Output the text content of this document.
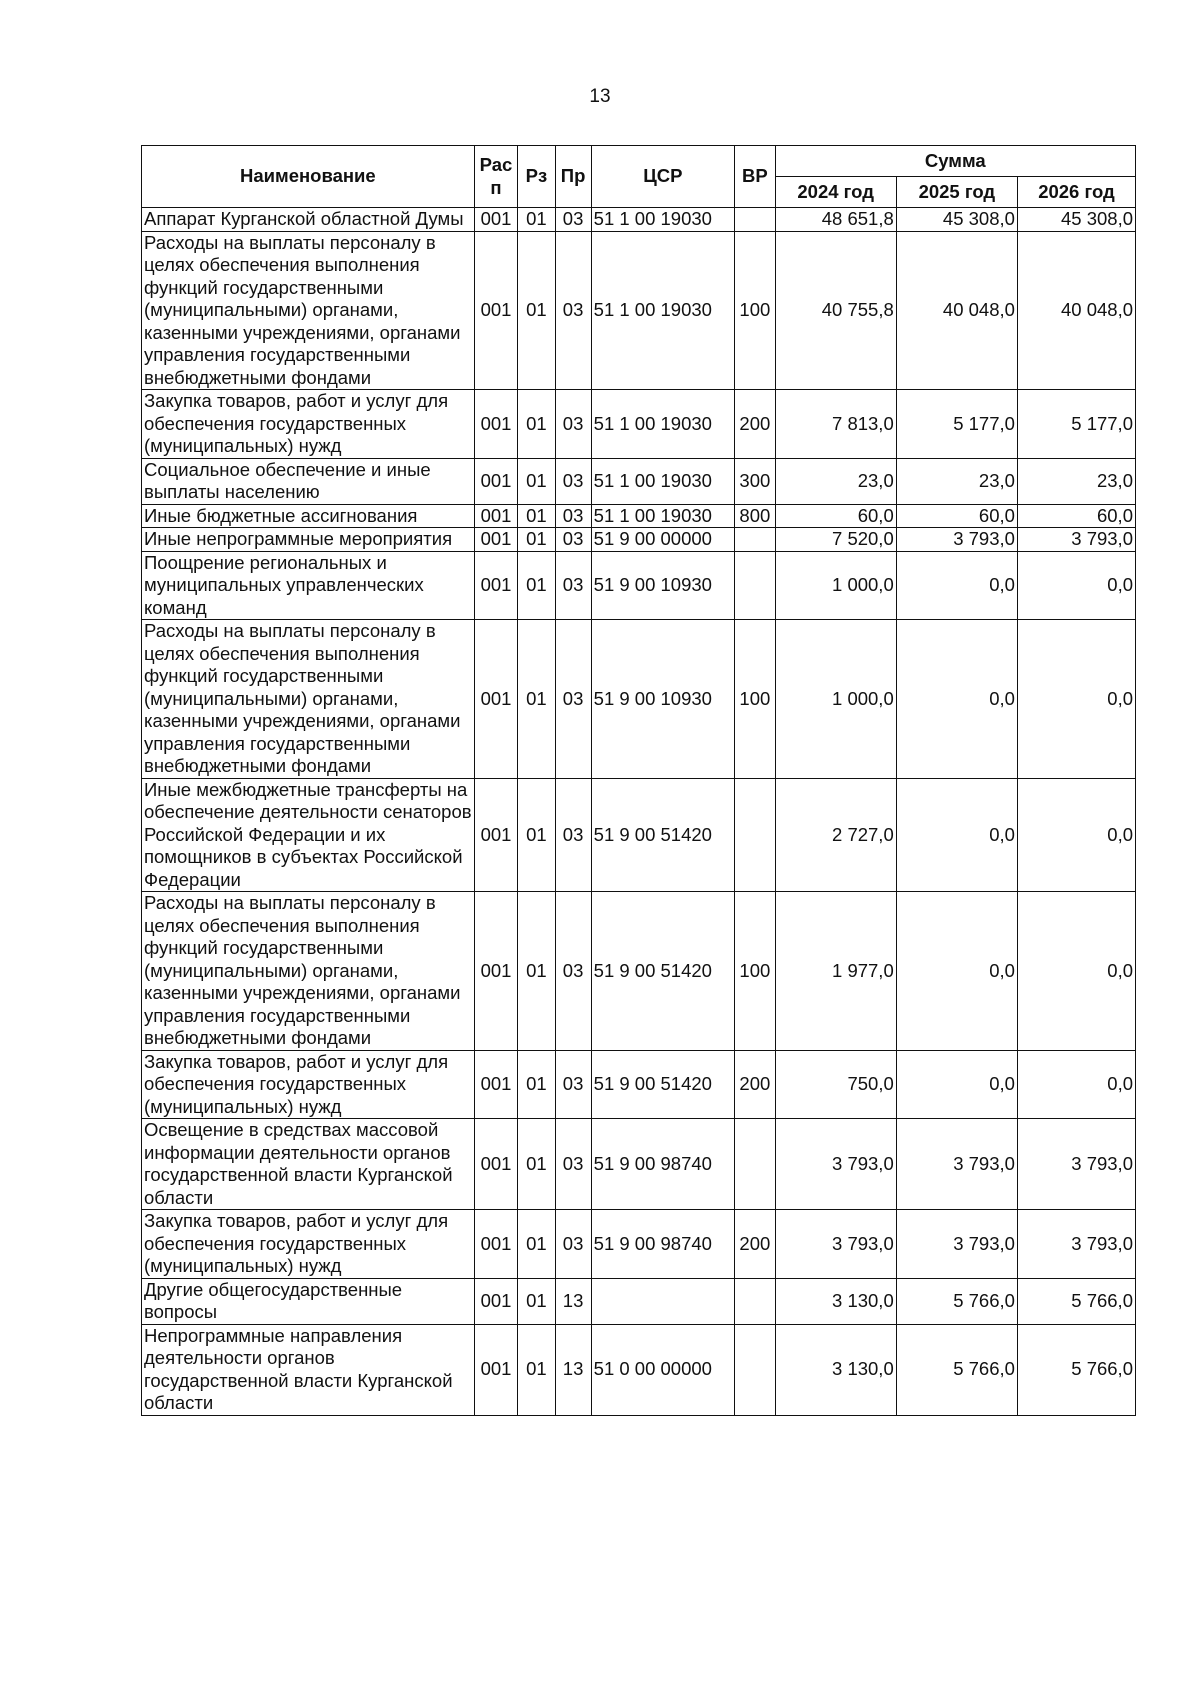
13
Наименование	Рас п	Рз	Пр	ЦСР	ВР	Сумма		
						2024 год	2025 год	2026 год
Аппарат Курганской областной Думы	001	01	03	51 1 00 19030		48 651,8	45 308,0	45 308,0
Расходы на выплаты персоналу в целях обеспечения выполнения функций государственными (муниципальными) органами, казенными учреждениями, органами управления государственными внебюджетными фондами	001	01	03	51 1 00 19030	100	40 755,8	40 048,0	40 048,0
Закупка товаров, работ и услуг для обеспечения государственных (муниципальных) нужд	001	01	03	51 1 00 19030	200	7 813,0	5 177,0	5 177,0
Социальное обеспечение и иные выплаты населению	001	01	03	51 1 00 19030	300	23,0	23,0	23,0
Иные бюджетные ассигнования	001	01	03	51 1 00 19030	800	60,0	60,0	60,0
Иные непрограммные мероприятия	001	01	03	51 9 00 00000		7 520,0	3 793,0	3 793,0
Поощрение региональных и муниципальных управленческих команд	001	01	03	51 9 00 10930		1 000,0	0,0	0,0
Расходы на выплаты персоналу в целях обеспечения выполнения функций государственными (муниципальными) органами, казенными учреждениями, органами управления государственными внебюджетными фондами	001	01	03	51 9 00 10930	100	1 000,0	0,0	0,0
Иные межбюджетные трансферты на обеспечение деятельности сенаторов Российской Федерации и их помощников в субъектах Российской Федерации	001	01	03	51 9 00 51420		2 727,0	0,0	0,0
Расходы на выплаты персоналу в целях обеспечения выполнения функций государственными (муниципальными) органами, казенными учреждениями, органами управления государственными внебюджетными фондами	001	01	03	51 9 00 51420	100	1 977,0	0,0	0,0
Закупка товаров, работ и услуг для обеспечения государственных (муниципальных) нужд	001	01	03	51 9 00 51420	200	750,0	0,0	0,0
Освещение в средствах массовой информации деятельности органов государственной власти Курганской области	001	01	03	51 9 00 98740		3 793,0	3 793,0	3 793,0
Закупка товаров, работ и услуг для обеспечения государственных (муниципальных) нужд	001	01	03	51 9 00 98740	200	3 793,0	3 793,0	3 793,0
Другие общегосударственные вопросы	001	01	13			3 130,0	5 766,0	5 766,0
Непрограммные направления деятельности органов государственной власти Курганской области	001	01	13	51 0 00 00000		3 130,0	5 766,0	5 766,0
